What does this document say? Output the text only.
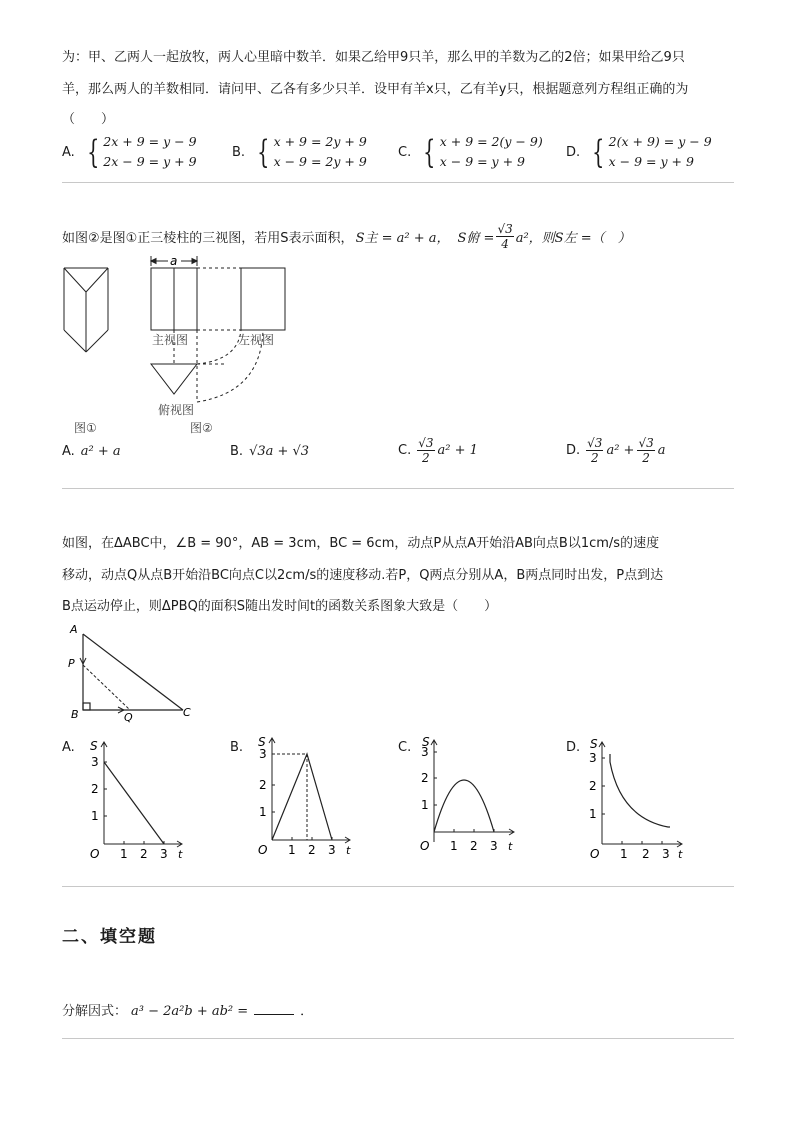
为：甲、乙两人一起放牧，两人心里暗中数羊．如果乙给甲9只羊，那么甲的羊数为乙的2倍；如果甲给乙9只
羊，那么两人的羊数相同．请问甲、乙各有多少只羊．设甲有羊x只，乙有羊y只，根据题意列方程组正确的为
（　　）
A. { 2x + 9 = y − 9
2x − 9 = y + 9
B. { x + 9 = 2y + 9
x − 9 = 2y + 9
C. { x + 9 = 2(y − 9)
x − 9 = y + 9
D. { 2(x + 9) = y − 9
x − 9 = y + 9
如图②是图①正三棱柱的三视图，若用S表示面积， S主 = a² + a， S俯 = $\frac{√3}{4} a^2$，则S左 =（　）
a
主视图	左视图
俯视图
图①	图②
A. a² + a	B. √3a + √3	C. $\frac{√3}{2} a^2 + 1$	D. $\frac{√3}{2} a^2 + \frac{√3}{2}$ a
如图，在ΔABC中，∠B = 90°，AB = 3cm，BC = 6cm，动点P从点A开始沿AB向点B以1cm/s的速度
移动，动点Q从点B开始沿BC向点C以2cm/s的速度移动.若P，Q两点分别从A，B两点同时出发，P点到达
B点运动停止，则ΔPBQ的面积S随出发时间t的函数关系图象大致是（　　）
A
P
B	Q	C
A.	B.	C.	D.
S
t
O 1 2 3
1
2
3
S
t
O 1 2 3
1
2
3
S
t
O 1 2 3
1
2
3
S
t
O 1 2 3
1
2
3
二、填空题
分解因式： a³ − 2a²b + ab² =	．
